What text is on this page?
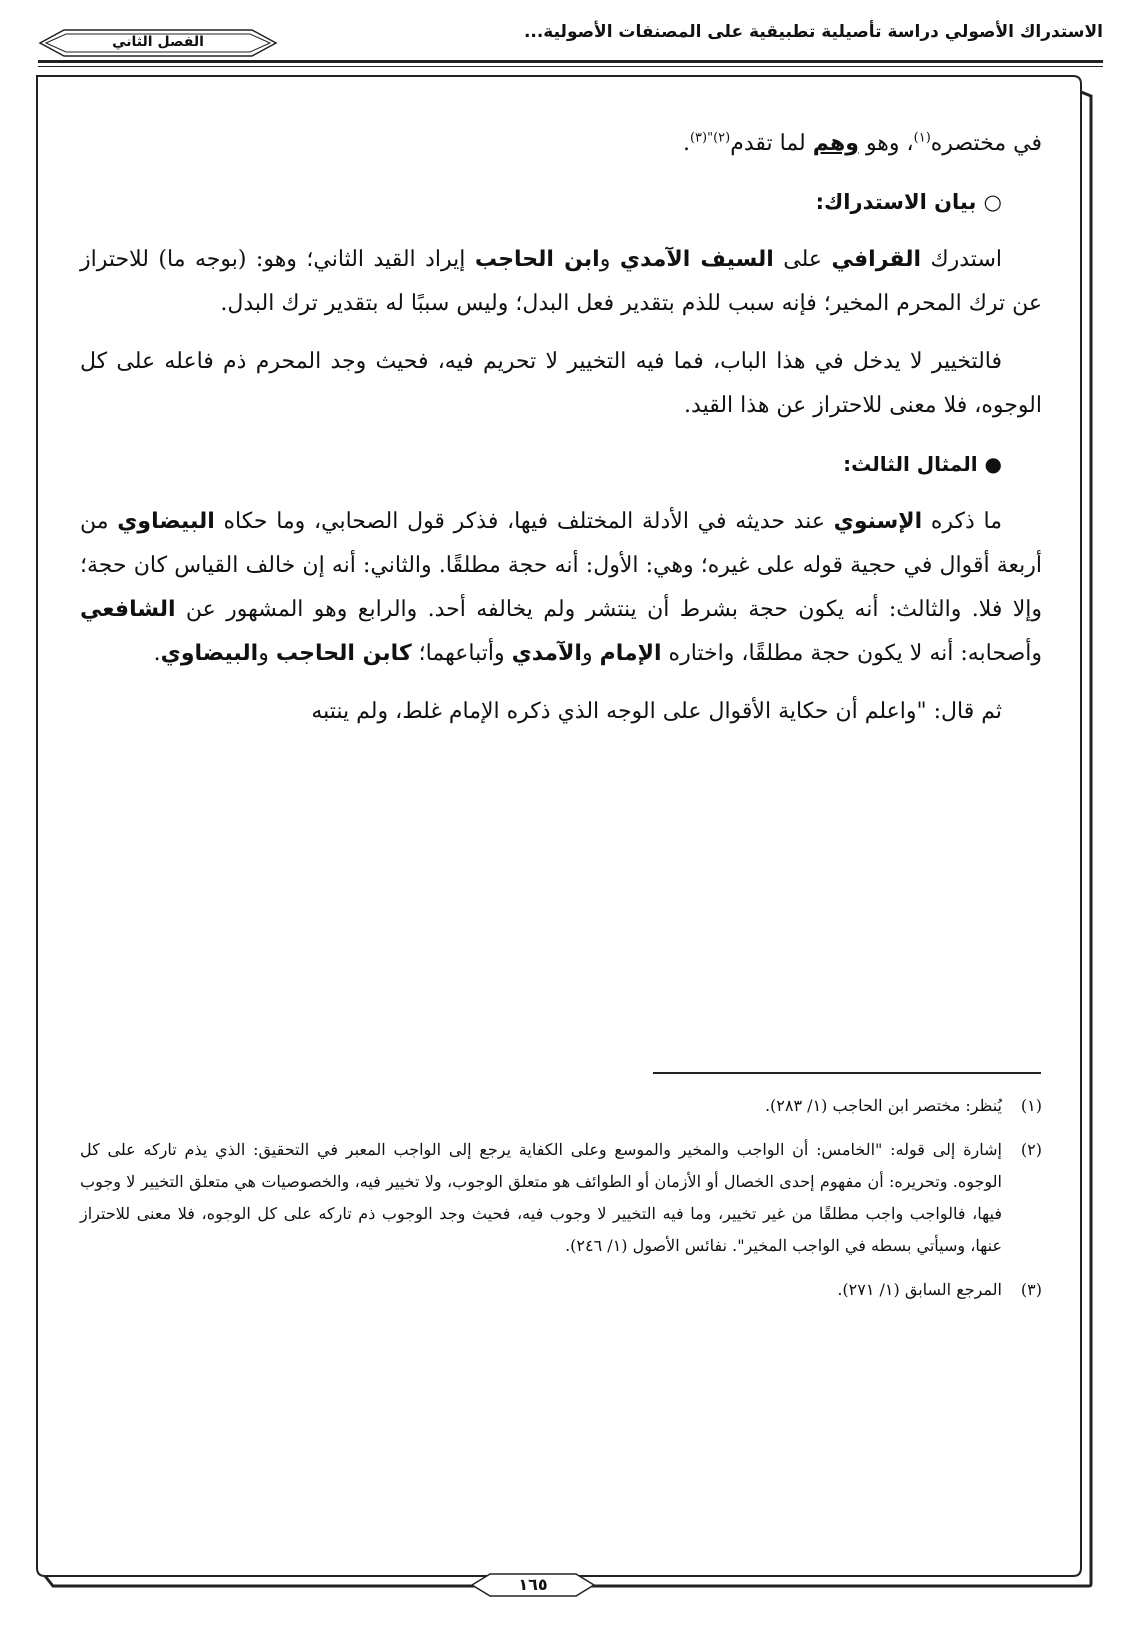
الاستدراك الأصولي دراسة تأصيلية تطبيقية على المصنفات الأصولية...
الفصل الثاني

في مختصره$^{(١)}$، وهو وهم لما تقدم$^{(٢)"(٣)}$.

○ بيان الاستدراك:

استدرك القرافي على السيف الآمدي وابن الحاجب إيراد القيد الثاني؛ وهو: (بوجه ما) للاحتراز عن ترك المحرم المخير؛ فإنه سبب للذم بتقدير فعل البدل؛ وليس سببًا له بتقدير ترك البدل.

فالتخيير لا يدخل في هذا الباب، فما فيه التخيير لا تحريم فيه، فحيث وجد المحرم ذم فاعله على كل الوجوه، فلا معنى للاحتراز عن هذا القيد.

● المثال الثالث:

ما ذكره الإسنوي عند حديثه في الأدلة المختلف فيها، فذكر قول الصحابي، وما حكاه البيضاوي من أربعة أقوال في حجية قوله على غيره؛ وهي: الأول: أنه حجة مطلقًا. والثاني: أنه إن خالف القياس كان حجة؛ وإلا فلا. والثالث: أنه يكون حجة بشرط أن ينتشر ولم يخالفه أحد. والرابع وهو المشهور عن الشافعي وأصحابه: أنه لا يكون حجة مطلقًا، واختاره الإمام والآمدي وأتباعهما؛ كابن الحاجب والبيضاوي.

ثم قال: "واعلم أن حكاية الأقوال على الوجه الذي ذكره الإمام غلط، ولم ينتبه

(١)
يُنظر: مختصر ابن الحاجب (١/ ٢٨٣).
(٢)
إشارة إلى قوله: "الخامس: أن الواجب والمخير والموسع وعلى الكفاية يرجع إلى الواجب المعبر في التحقيق: الذي يذم تاركه على كل الوجوه. وتحريره: أن مفهوم إحدى الخصال أو الأزمان أو الطوائف هو متعلق الوجوب، ولا تخيير فيه، والخصوصيات هي متعلق التخيير لا وجوب فيها، فالواجب واجب مطلقًا من غير تخيير، وما فيه التخيير لا وجوب فيه، فحيث وجد الوجوب ذم تاركه على كل الوجوه، فلا معنى للاحتراز عنها، وسيأتي بسطه في الواجب المخير". نفائس الأصول (١/ ٢٤٦).
(٣)
المرجع السابق (١/ ٢٧١).
١٦٥
